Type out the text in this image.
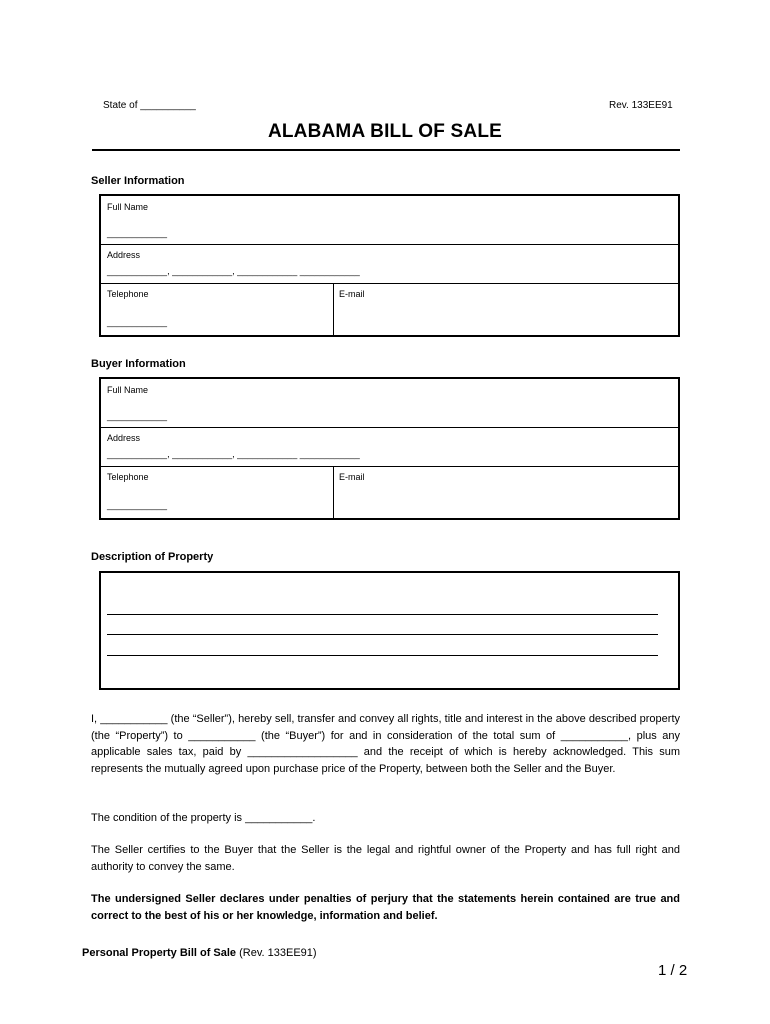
State of __________	Rev. 133EE91
ALABAMA BILL OF SALE
Seller Information
Full Name
____________
Address
____________, ____________, ____________ ____________
Telephone
____________
E-mail
Buyer Information
Full Name
____________
Address
____________, ____________, ____________ ____________
Telephone
____________
E-mail
Description of Property
I, ___________ (the “Seller”), hereby sell, transfer and convey all rights, title and interest in the above described property (the “Property”) to ___________ (the “Buyer”) for and in consideration of the total sum of ___________, plus any applicable sales tax, paid by __________________ and the receipt of which is hereby acknowledged. This sum represents the mutually agreed upon purchase price of the Property, between both the Seller and the Buyer.
The condition of the property is ___________.
The Seller certifies to the Buyer that the Seller is the legal and rightful owner of the Property and has full right and authority to convey the same.
The undersigned Seller declares under penalties of perjury that the statements herein contained are true and correct to the best of his or her knowledge, information and belief.
Personal Property Bill of Sale (Rev. 133EE91)
1 / 2
